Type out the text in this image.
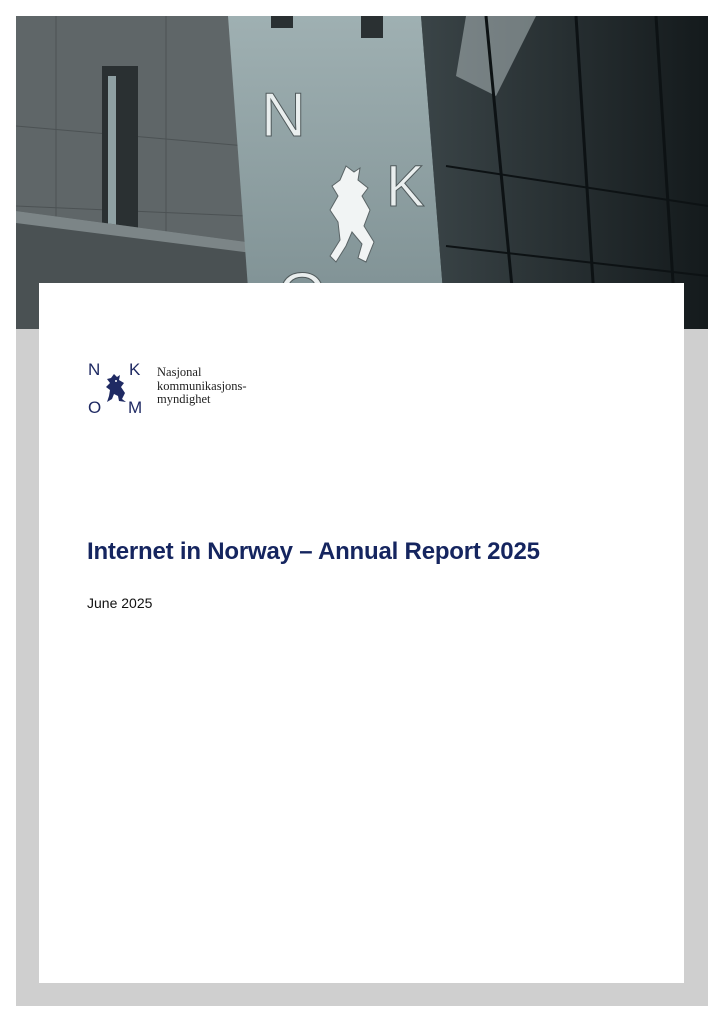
N
K
N K
O M
Nasjonal
kommunikasjons-
myndighet
Internet in Norway – Annual Report 2025
June 2025
